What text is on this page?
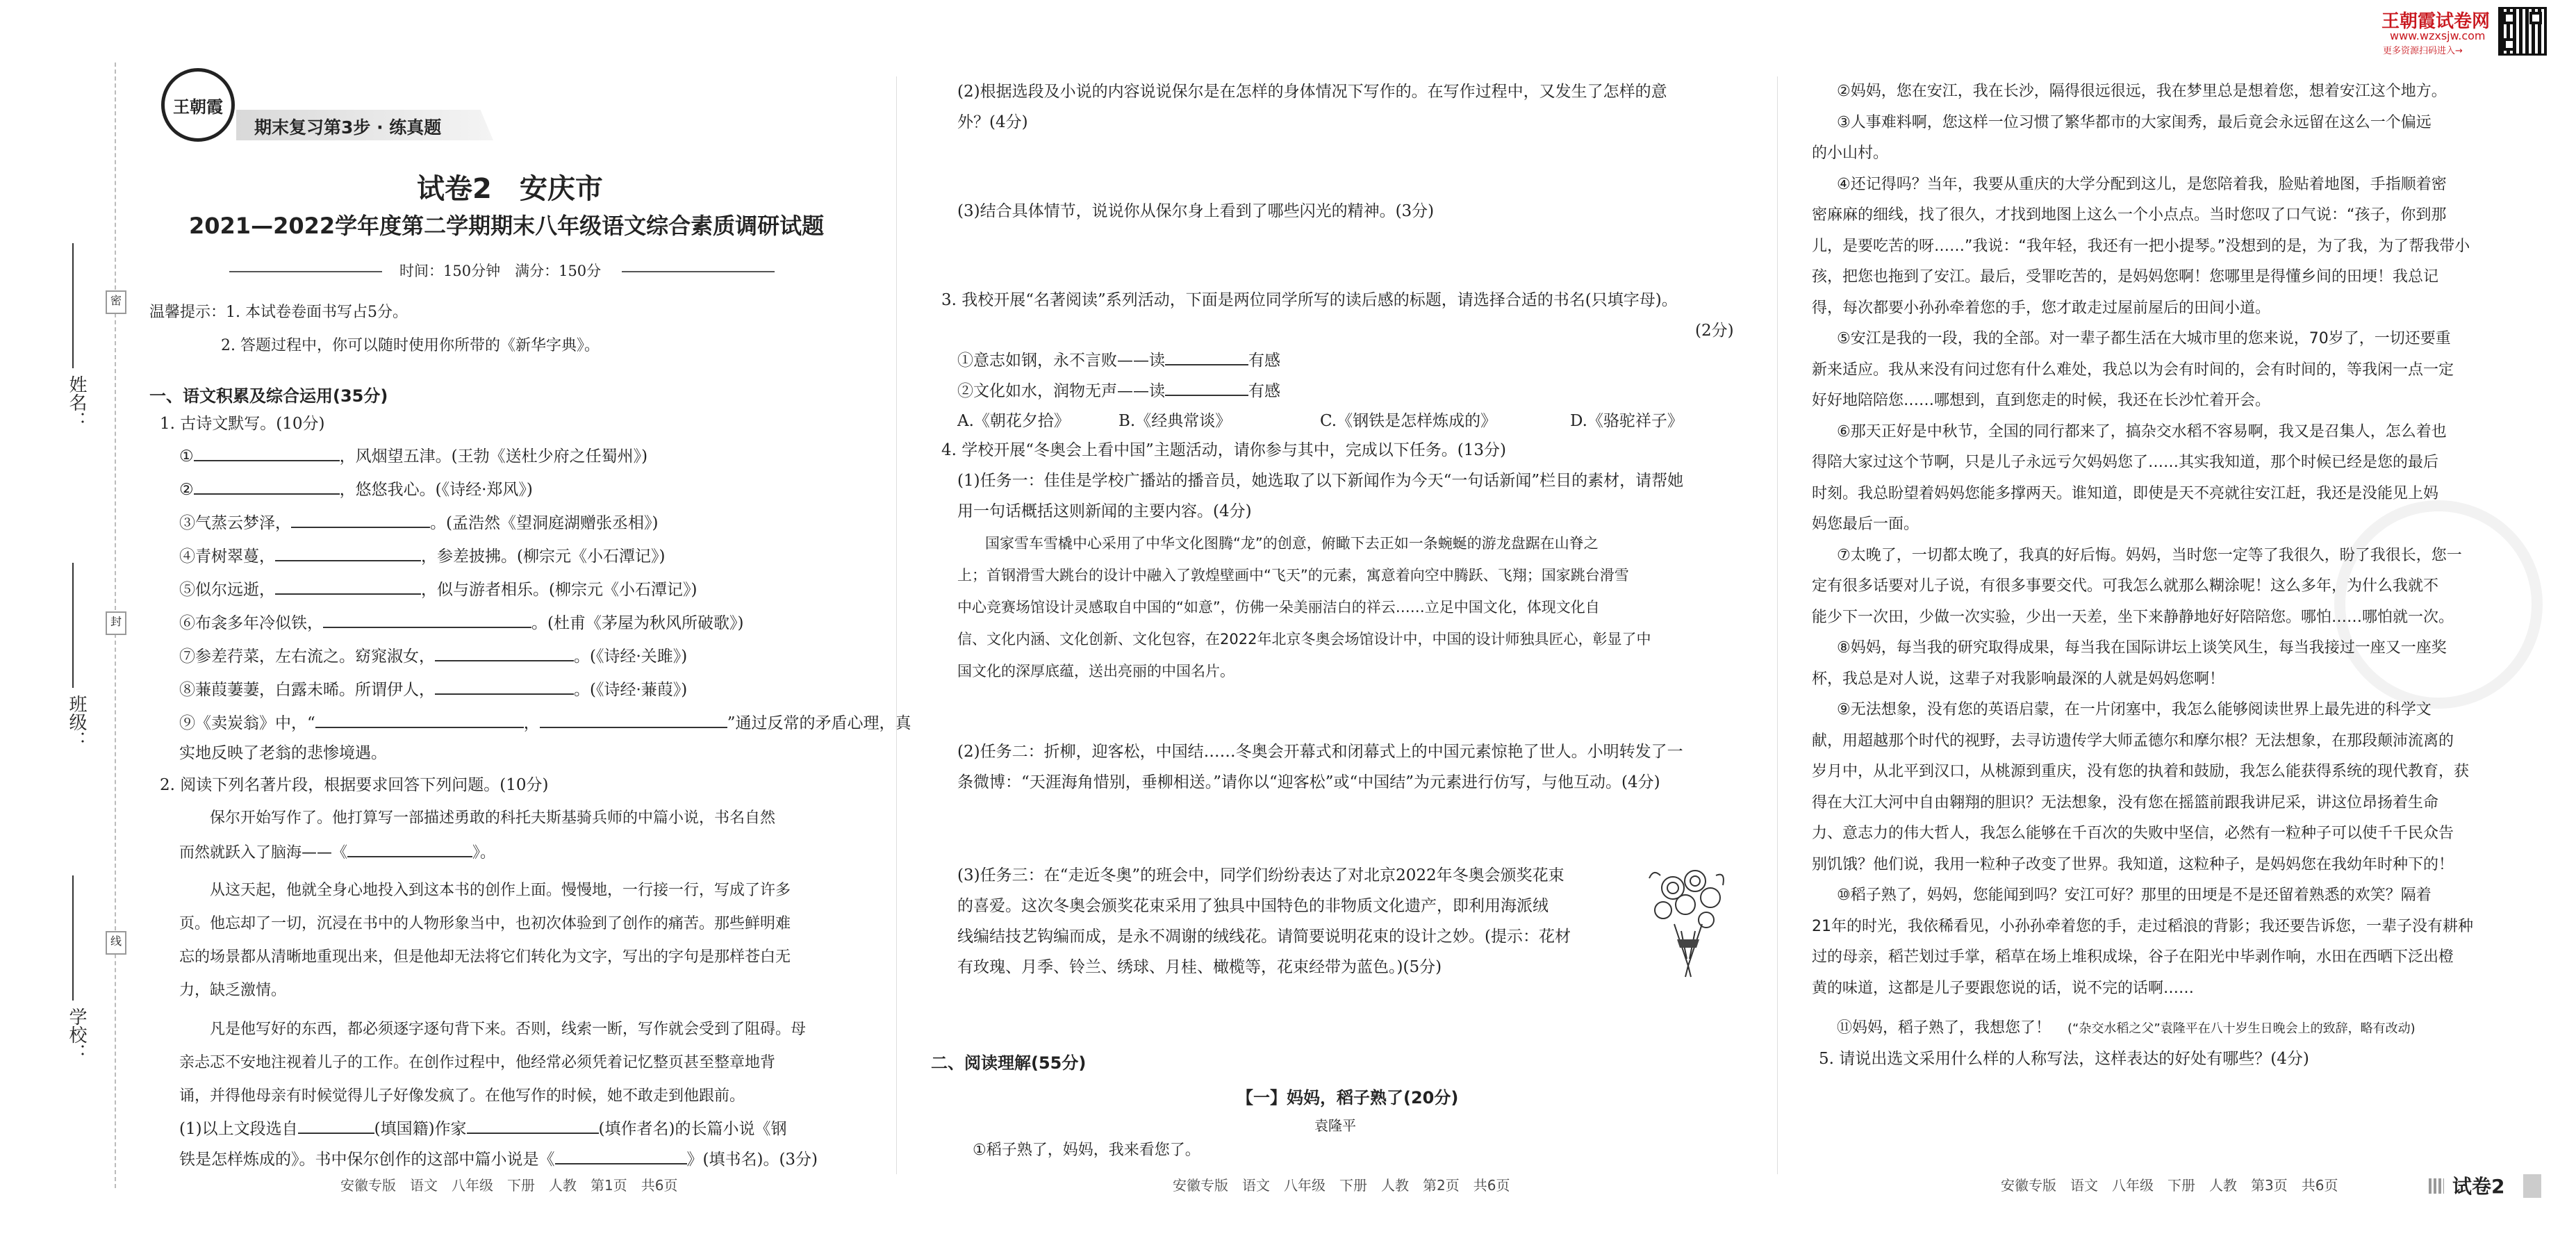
密
封
线
姓名：
班级：
学校：
王朝霞
期末复习第3步 · 练真题
试卷2　安庆市
2021—2022学年度第二学期期末八年级语文综合素质调研试题
时间：150分钟　满分：150分
温馨提示：1. 本试卷卷面书写占5分。
2. 答题过程中，你可以随时使用你所带的《新华字典》。
一、语文积累及综合运用(35分)
1. 古诗文默写。(10分)
①	，风烟望五津。(王勃《送杜少府之任蜀州》)
②	，悠悠我心。(《诗经·郑风》)
③气蒸云梦泽，	。(孟浩然《望洞庭湖赠张丞相》)
④青树翠蔓，	，参差披拂。(柳宗元《小石潭记》)
⑤似尔远逝，	，似与游者相乐。(柳宗元《小石潭记》)
⑥布衾多年冷似铁，	。(杜甫《茅屋为秋风所破歌》)
⑦参差荇菜，左右流之。窈窕淑女，	。(《诗经·关雎》)
⑧蒹葭萋萋，白露未晞。所谓伊人，	。(《诗经·蒹葭》)
⑨《卖炭翁》中，“	，	”通过反常的矛盾心理，真
实地反映了老翁的悲惨境遇。
2. 阅读下列名著片段，根据要求回答下列问题。(10分)
保尔开始写作了。他打算写一部描述勇敢的科托夫斯基骑兵师的中篇小说，书名自然
而然就跃入了脑海——《	》。
从这天起，他就全身心地投入到这本书的创作上面。慢慢地，一行接一行，写成了许多
页。他忘却了一切，沉浸在书中的人物形象当中，也初次体验到了创作的痛苦。那些鲜明难
忘的场景都从清晰地重现出来，但是他却无法将它们转化为文字，写出的字句是那样苍白无
力，缺乏激情。
凡是他写好的东西，都必须逐字逐句背下来。否则，线索一断，写作就会受到了阻碍。母
亲忐忑不安地注视着儿子的工作。在创作过程中，他经常必须凭着记忆整页甚至整章地背
诵，并得他母亲有时候觉得儿子好像发疯了。在他写作的时候，她不敢走到他跟前。
(1)以上文段选自	(填国籍)作家	(填作者名)的长篇小说《钢
铁是怎样炼成的》。书中保尔创作的这部中篇小说是《	》(填书名)。(3分)
安徽专版　语文　八年级　下册　人教　第1页　共6页
(2)根据选段及小说的内容说说保尔是在怎样的身体情况下写作的。在写作过程中，又发生了怎样的意
外？(4分)
(3)结合具体情节，说说你从保尔身上看到了哪些闪光的精神。(3分)
3. 我校开展“名著阅读”系列活动，下面是两位同学所写的读后感的标题，请选择合适的书名(只填字母)。
(2分)
①意志如钢，永不言败——读	有感
②文化如水，润物无声——读	有感
A.《朝花夕拾》	B.《经典常谈》	C.《钢铁是怎样炼成的》	D.《骆驼祥子》
4. 学校开展“冬奥会上看中国”主题活动，请你参与其中，完成以下任务。(13分)
(1)任务一：佳佳是学校广播站的播音员，她选取了以下新闻作为今天“一句话新闻”栏目的素材，请帮她
用一句话概括这则新闻的主要内容。(4分)
国家雪车雪橇中心采用了中华文化图腾“龙”的创意，俯瞰下去正如一条蜿蜒的游龙盘踞在山脊之
上；首钢滑雪大跳台的设计中融入了敦煌壁画中“飞天”的元素，寓意着向空中腾跃、飞翔；国家跳台滑雪
中心竞赛场馆设计灵感取自中国的“如意”，仿佛一朵美丽洁白的祥云……立足中国文化，体现文化自
信、文化内涵、文化创新、文化包容，在2022年北京冬奥会场馆设计中，中国的设计师独具匠心，彰显了中
国文化的深厚底蕴，送出亮丽的中国名片。
(2)任务二：折柳，迎客松，中国结……冬奥会开幕式和闭幕式上的中国元素惊艳了世人。小明转发了一
条微博：“天涯海角惜别，垂柳相送。”请你以“迎客松”或“中国结”为元素进行仿写，与他互动。(4分)
(3)任务三：在“走近冬奥”的班会中，同学们纷纷表达了对北京2022年冬奥会颁奖花束
的喜爱。这次冬奥会颁奖花束采用了独具中国特色的非物质文化遗产，即利用海派绒
线编结技艺钩编而成，是永不凋谢的绒线花。请简要说明花束的设计之妙。(提示：花材
有玫瑰、月季、铃兰、绣球、月桂、橄榄等，花束经带为蓝色。)(5分)
二、阅读理解(55分)
【一】妈妈，稻子熟了(20分)
袁隆平
①稻子熟了，妈妈，我来看您了。
安徽专版　语文　八年级　下册　人教　第2页　共6页
王朝霞试卷网
www.wzxsjw.com
更多资源扫码进入→
②妈妈，您在安江，我在长沙，隔得很远很远，我在梦里总是想着您，想着安江这个地方。
③人事难料啊，您这样一位习惯了繁华都市的大家闺秀，最后竟会永远留在这么一个偏远
的小山村。
④还记得吗？当年，我要从重庆的大学分配到这儿，是您陪着我，脸贴着地图，手指顺着密
密麻麻的细线，找了很久，才找到地图上这么一个小点点。当时您叹了口气说：“孩子，你到那
儿，是要吃苦的呀……”我说：“我年轻，我还有一把小提琴。”没想到的是，为了我，为了帮我带小
孩，把您也拖到了安江。最后，受罪吃苦的，是妈妈您啊！您哪里是得懂乡间的田埂！我总记
得，每次都要小孙孙牵着您的手，您才敢走过屋前屋后的田间小道。
⑤安江是我的一段，我的全部。对一辈子都生活在大城市里的您来说，70岁了，一切还要重
新来适应。我从来没有问过您有什么难处，我总以为会有时间的，会有时间的，等我闲一点一定
好好地陪陪您……哪想到，直到您走的时候，我还在长沙忙着开会。
⑥那天正好是中秋节，全国的同行都来了，搞杂交水稻不容易啊，我又是召集人，怎么着也
得陪大家过这个节啊，只是儿子永远亏欠妈妈您了……其实我知道，那个时候已经是您的最后
时刻。我总盼望着妈妈您能多撑两天。谁知道，即使是天不亮就往安江赶，我还是没能见上妈
妈您最后一面。
⑦太晚了，一切都太晚了，我真的好后悔。妈妈，当时您一定等了我很久，盼了我很长，您一
定有很多话要对儿子说，有很多事要交代。可我怎么就那么糊涂呢！这么多年，为什么我就不
能少下一次田，少做一次实验，少出一天差，坐下来静静地好好陪陪您。哪怕……哪怕就一次。
⑧妈妈，每当我的研究取得成果，每当我在国际讲坛上谈笑风生，每当我接过一座又一座奖
杯，我总是对人说，这辈子对我影响最深的人就是妈妈您啊！
⑨无法想象，没有您的英语启蒙，在一片闭塞中，我怎么能够阅读世界上最先进的科学文
献，用超越那个时代的视野，去寻访遗传学大师孟德尔和摩尔根？无法想象，在那段颠沛流离的
岁月中，从北平到汉口，从桃源到重庆，没有您的执着和鼓励，我怎么能获得系统的现代教育，获
得在大江大河中自由翱翔的胆识？无法想象，没有您在摇篮前跟我讲尼采，讲这位昂扬着生命
力、意志力的伟大哲人，我怎么能够在千百次的失败中坚信，必然有一粒种子可以使千千民众告
别饥饿？他们说，我用一粒种子改变了世界。我知道，这粒种子，是妈妈您在我幼年时种下的！
⑩稻子熟了，妈妈，您能闻到吗？安江可好？那里的田埂是不是还留着熟悉的欢笑？隔着
21年的时光，我依稀看见，小孙孙牵着您的手，走过稻浪的背影；我还要告诉您，一辈子没有耕种
过的母亲，稻芒划过手掌，稻草在场上堆积成垛，谷子在阳光中毕剥作响，水田在西晒下泛出橙
黄的味道，这都是儿子要跟您说的话，说不完的话啊……
⑪妈妈，稻子熟了，我想您了！ (“杂交水稻之父”袁隆平在八十岁生日晚会上的致辞，略有改动)
5. 请说出选文采用什么样的人称写法，这样表达的好处有哪些？(4分)
安徽专版　语文　八年级　下册　人教　第3页　共6页	试卷2
